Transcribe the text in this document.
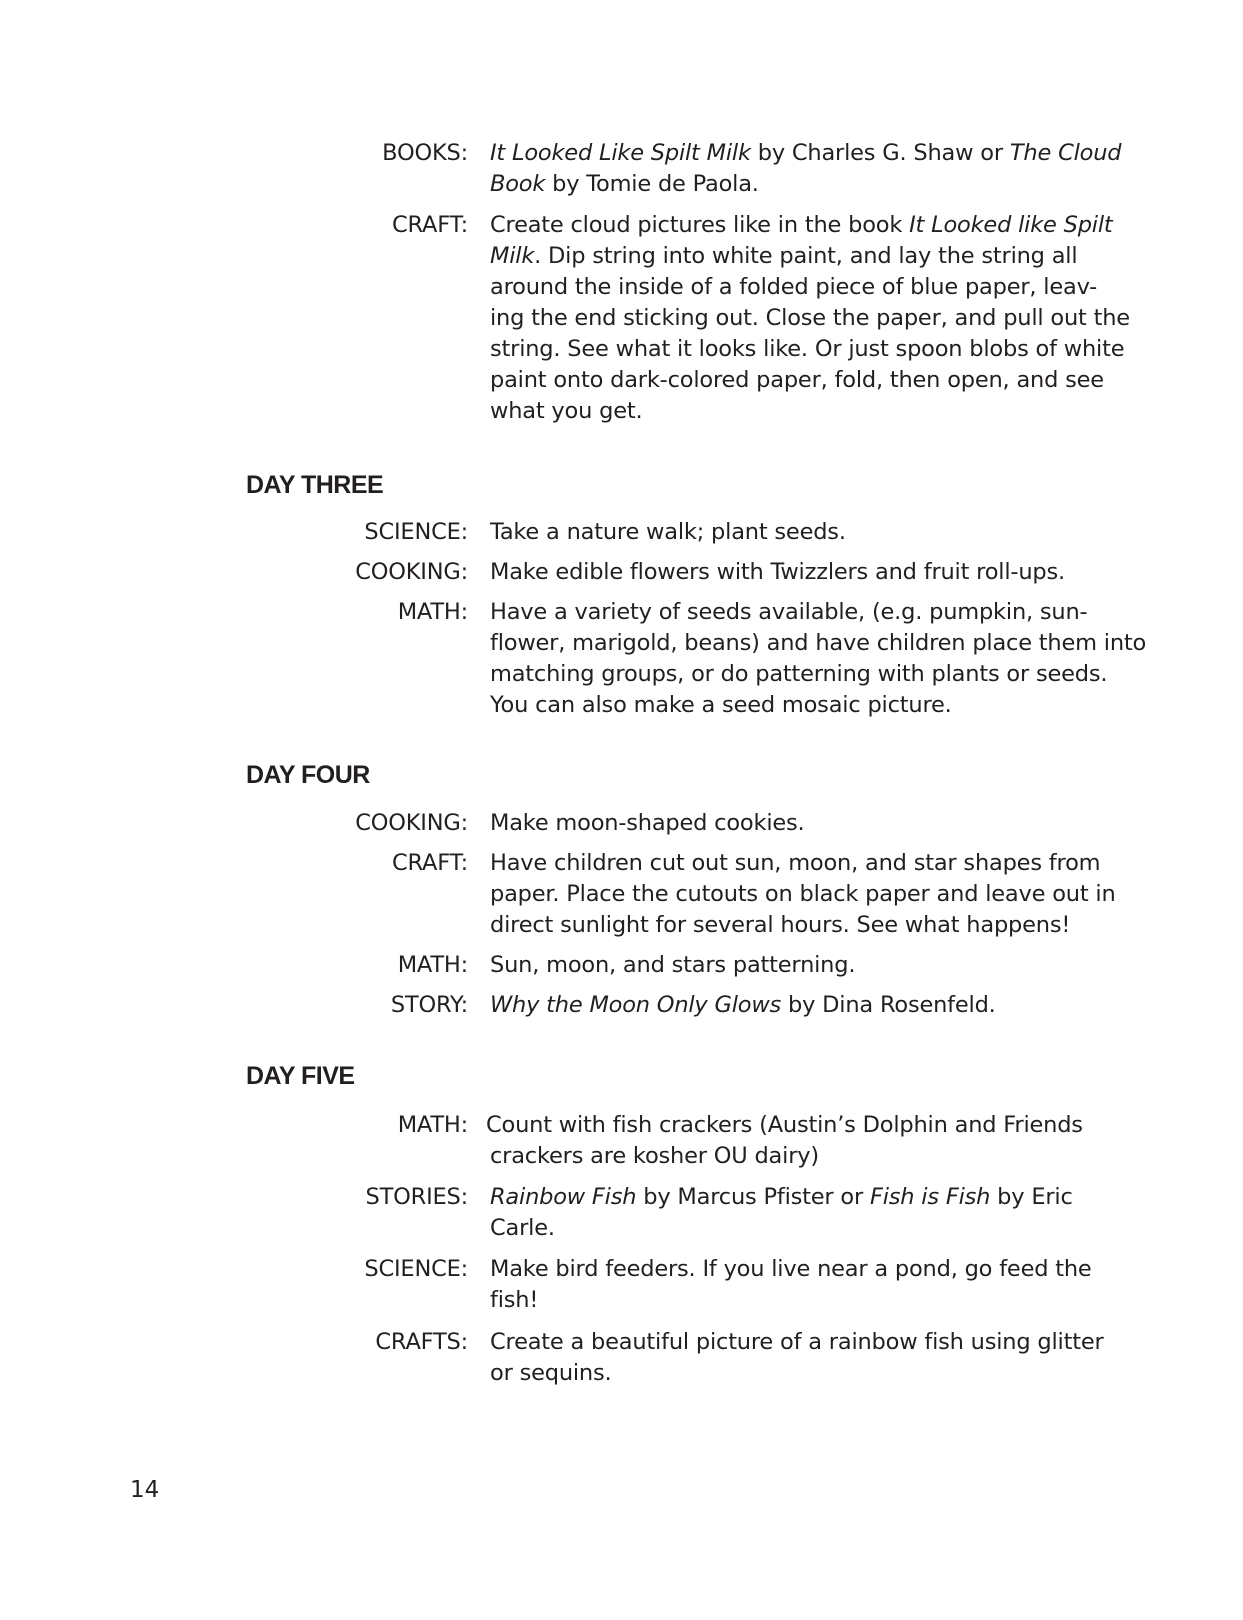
BOOKS: It Looked Like Spilt Milk by Charles G. Shaw or The Cloud
Book by Tomie de Paola.
CRAFT: Create cloud pictures like in the book It Looked like Spilt
Milk. Dip string into white paint, and lay the string all
around the inside of a folded piece of blue paper, leav-
ing the end sticking out. Close the paper, and pull out the
string. See what it looks like. Or just spoon blobs of white
paint onto dark-colored paper, fold, then open, and see
what you get.
DAY THREE
SCIENCE: Take a nature walk; plant seeds.
COOKING: Make edible flowers with Twizzlers and fruit roll-ups.
MATH: Have a variety of seeds available, (e.g. pumpkin, sun-
flower, marigold, beans) and have children place them into
matching groups, or do patterning with plants or seeds.
You can also make a seed mosaic picture.
DAY FOUR
COOKING: Make moon-shaped cookies.
CRAFT: Have children cut out sun, moon, and star shapes from
paper. Place the cutouts on black paper and leave out in
direct sunlight for several hours. See what happens!
MATH: Sun, moon, and stars patterning.
STORY: Why the Moon Only Glows by Dina Rosenfeld.
DAY FIVE
MATH: Count with fish crackers (Austin’s Dolphin and Friends
crackers are kosher OU dairy)
STORIES: Rainbow Fish by Marcus Pfister or Fish is Fish by Eric
Carle.
SCIENCE: Make bird feeders. If you live near a pond, go feed the
fish!
CRAFTS: Create a beautiful picture of a rainbow fish using glitter
or sequins.
14
